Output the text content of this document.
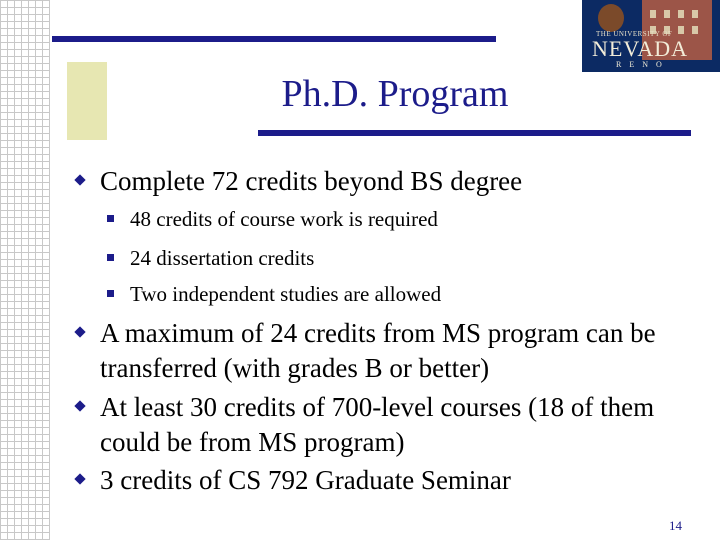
THE UNIVERSITY OF
NEVADA
RENO
Ph.D. Program
Complete 72 credits beyond BS degree
48 credits of course work is required
24 dissertation credits
Two independent studies are allowed
A maximum of 24 credits from MS program can be
transferred (with grades B or better)
At least 30 credits of 700-level courses (18 of them
could be from MS program)
3 credits of CS 792 Graduate Seminar
14
